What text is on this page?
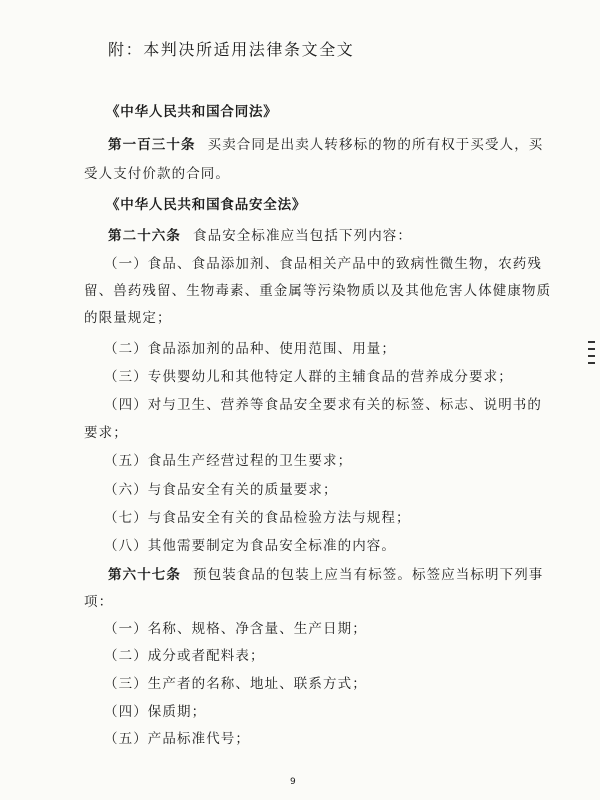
附：本判决所适用法律条文全文
《中华人民共和国合同法》
第一百三十条 买卖合同是出卖人转移标的物的所有权于买受人，买
受人支付价款的合同。
《中华人民共和国食品安全法》
第二十六条 食品安全标准应当包括下列内容：
（一）食品、食品添加剂、食品相关产品中的致病性微生物，农药残
留、兽药残留、生物毒素、重金属等污染物质以及其他危害人体健康物质
的限量规定；
（二）食品添加剂的品种、使用范围、用量；
（三）专供婴幼儿和其他特定人群的主辅食品的营养成分要求；
（四）对与卫生、营养等食品安全要求有关的标签、标志、说明书的
要求；
（五）食品生产经营过程的卫生要求；
（六）与食品安全有关的质量要求；
（七）与食品安全有关的食品检验方法与规程；
（八）其他需要制定为食品安全标准的内容。
第六十七条 预包装食品的包装上应当有标签。标签应当标明下列事
项：
（一）名称、规格、净含量、生产日期；
（二）成分或者配料表；
（三）生产者的名称、地址、联系方式；
（四）保质期；
（五）产品标准代号；
9
